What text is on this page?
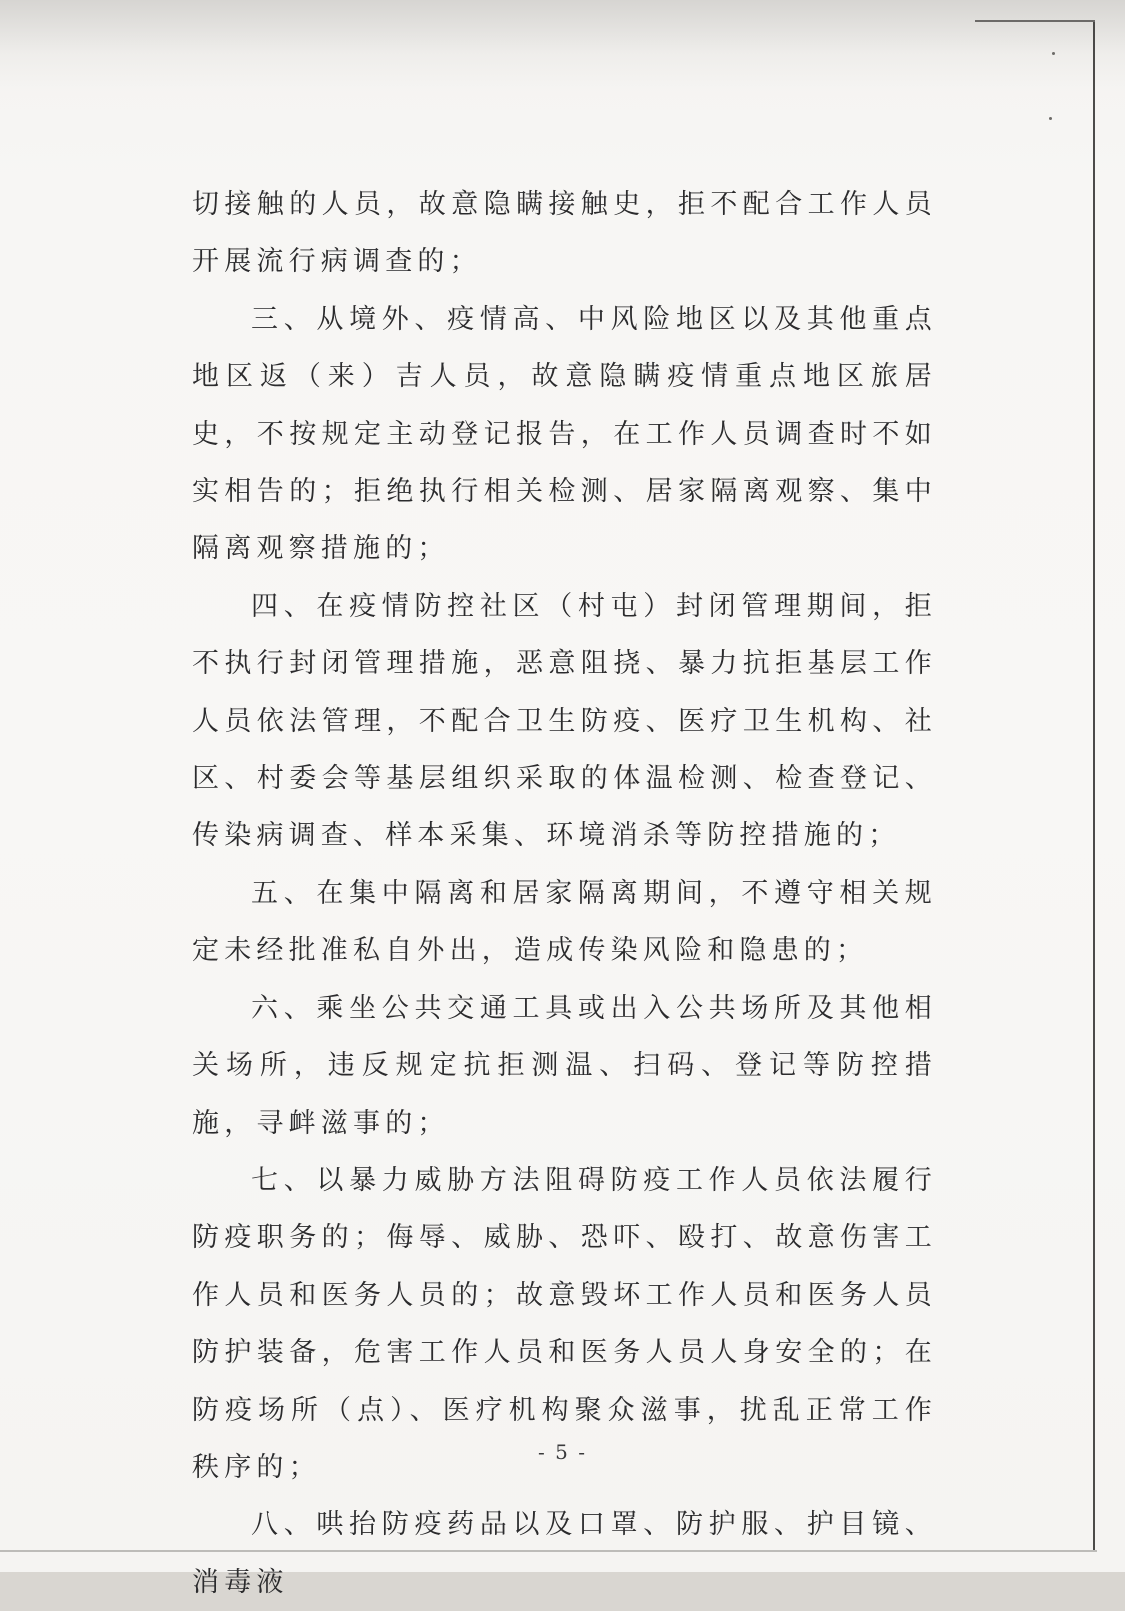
切接触的人员，故意隐瞒接触史，拒不配合工作人员开展流行病调查的；

三、从境外、疫情高、中风险地区以及其他重点地区返（来）吉人员，故意隐瞒疫情重点地区旅居史，不按规定主动登记报告，在工作人员调查时不如实相告的；拒绝执行相关检测、居家隔离观察、集中隔离观察措施的；

四、在疫情防控社区（村屯）封闭管理期间，拒不执行封闭管理措施，恶意阻挠、暴力抗拒基层工作人员依法管理，不配合卫生防疫、医疗卫生机构、社区、村委会等基层组织采取的体温检测、检查登记、传染病调查、样本采集、环境消杀等防控措施的；

五、在集中隔离和居家隔离期间，不遵守相关规定未经批准私自外出，造成传染风险和隐患的；

六、乘坐公共交通工具或出入公共场所及其他相关场所，违反规定抗拒测温、扫码、登记等防控措施，寻衅滋事的；

七、以暴力威胁方法阻碍防疫工作人员依法履行防疫职务的；侮辱、威胁、恐吓、殴打、故意伤害工作人员和医务人员的；故意毁坏工作人员和医务人员防护装备，危害工作人员和医务人员人身安全的；在防疫场所（点）、医疗机构聚众滋事，扰乱正常工作秩序的；

八、哄抬防疫药品以及口罩、防护服、护目镜、消毒液

- 5 -
